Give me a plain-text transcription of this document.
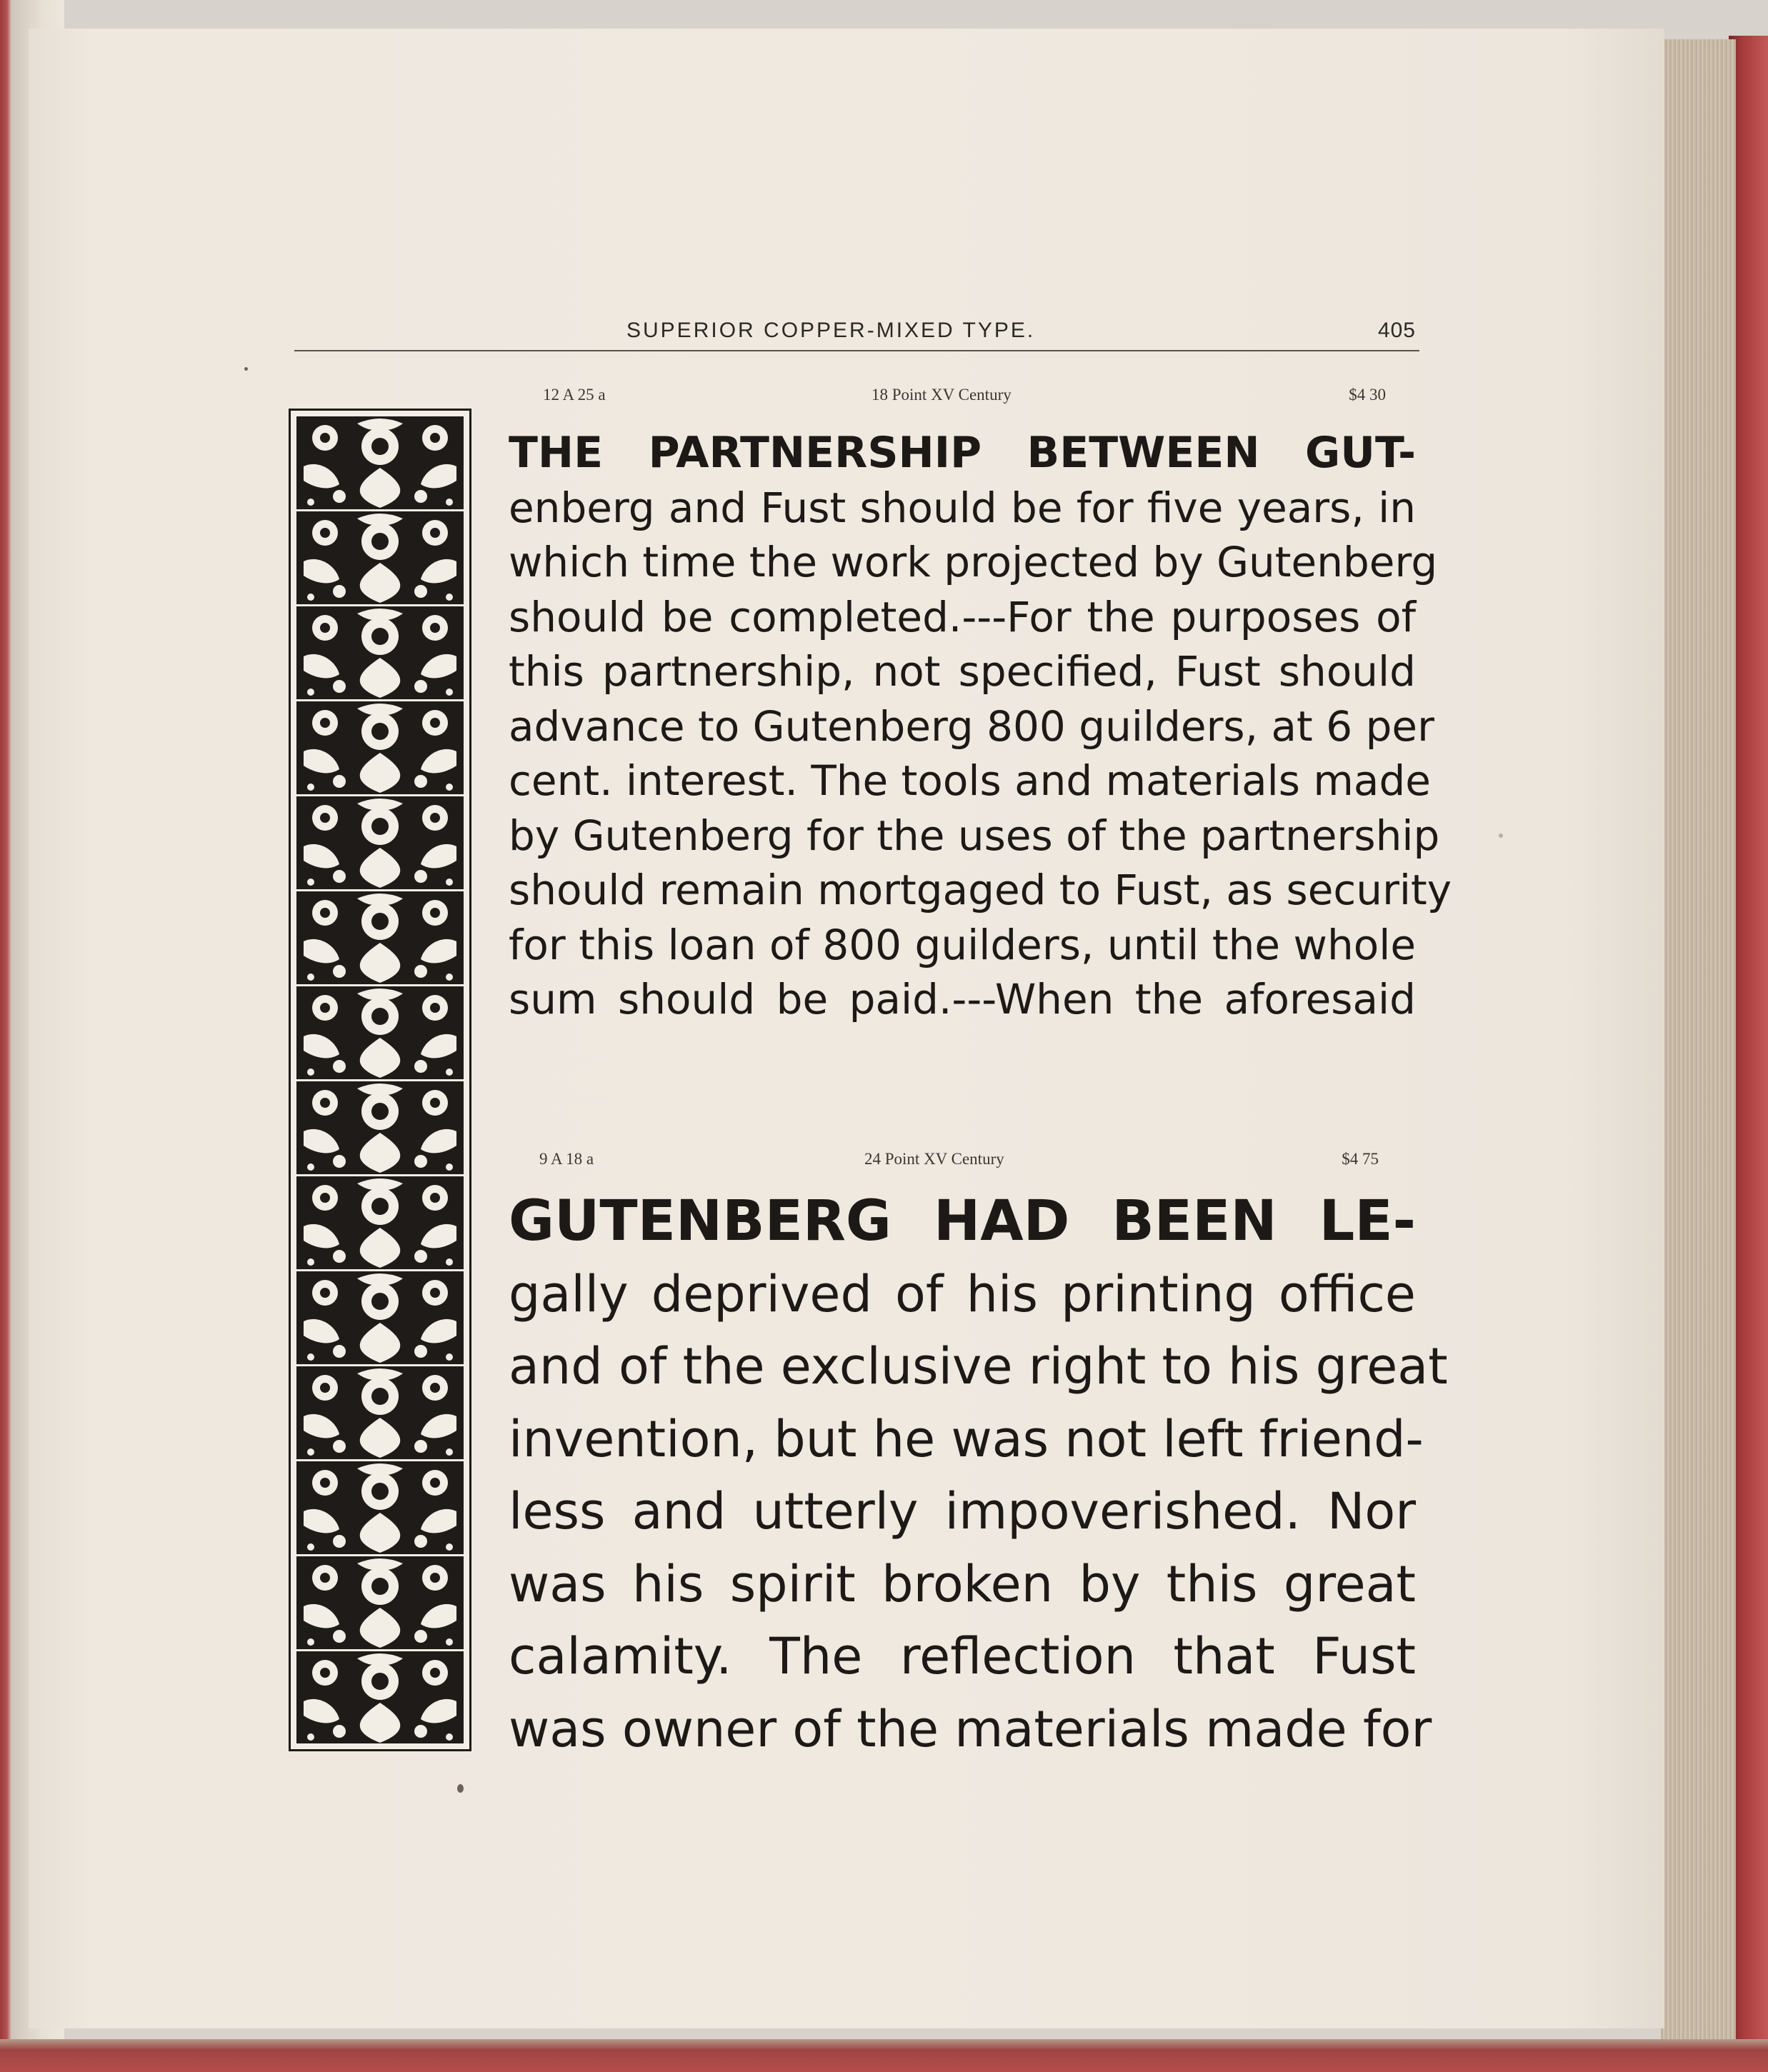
SUPERIOR COPPER-MIXED TYPE.	405
12 A 25 a	18 Point XV Century	$4 30
THE PARTNERSHIP BETWEEN GUT-
enberg and Fust should be for five years, in
which time the work projected by Gutenberg
should be completed.---For the purposes of
this partnership, not specified, Fust should
advance to Gutenberg 800 guilders, at 6 per
cent. interest. The tools and materials made
by Gutenberg for the uses of the partnership
should remain mortgaged to Fust, as security
for this loan of 800 guilders, until the whole
sum should be paid.---When the aforesaid
9 A 18 a	24 Point XV Century	$4 75
GUTENBERG HAD BEEN LE-
gally deprived of his printing office
and of the exclusive right to his great
invention, but he was not left friend-
less and utterly impoverished. Nor
was his spirit broken by this great
calamity. The reflection that Fust
was owner of the materials made for
